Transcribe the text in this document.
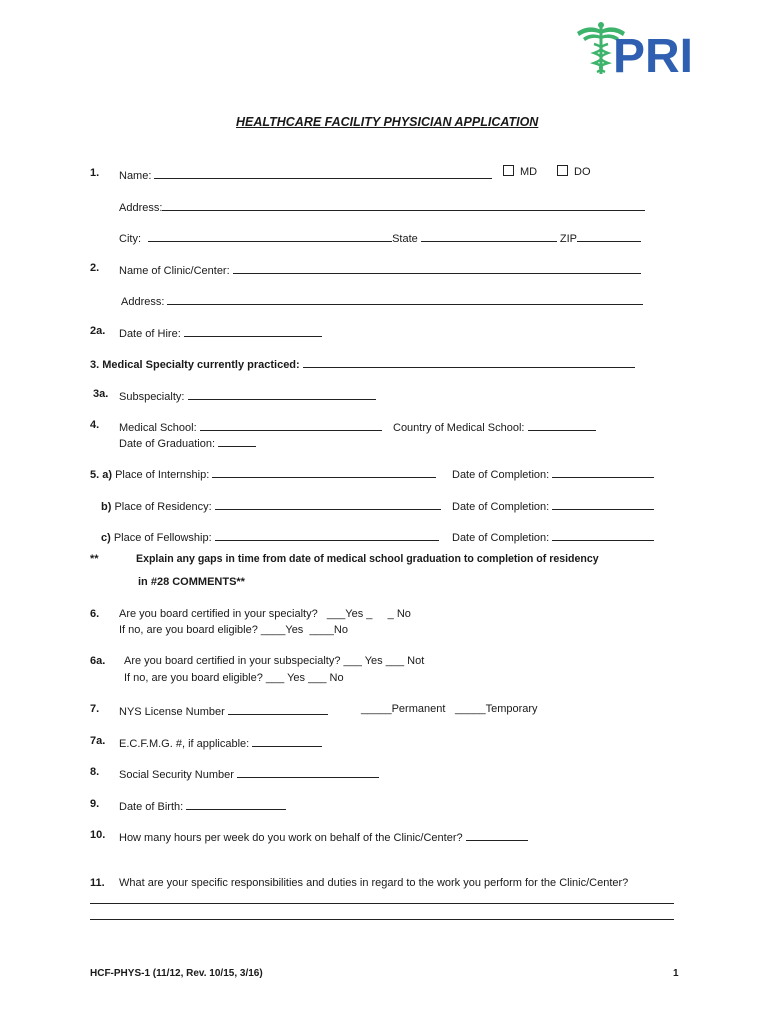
PRI
HEALTHCARE FACILITY PHYSICIAN APPLICATION
1. Name:	MD	DO
Address:
City:	State	ZIP
2. Name of Clinic/Center:
Address:
2a. Date of Hire:
3. Medical Specialty currently practiced:
3a. Subspecialty:
4. Medical School:	Country of Medical School:
Date of Graduation:
5. a) Place of Internship:	Date of Completion:
b) Place of Residency:	Date of Completion:
c) Place of Fellowship:	Date of Completion:
**	Explain any gaps in time from date of medical school graduation to completion of residency
in #28 COMMENTS**
6. Are you board certified in your specialty? ___Yes _ _ No
If no, are you board eligible? ____Yes ____No
6a. Are you board certified in your subspecialty? ___ Yes ___ Not
If no, are you board eligible? ___ Yes ___ No
7. NYS License Number	_____Permanent _____Temporary
7a. E.C.F.M.G. #, if applicable:
8. Social Security Number
9. Date of Birth:
10. How many hours per week do you work on behalf of the Clinic/Center?
11. What are your specific responsibilities and duties in regard to the work you perform for the Clinic/Center?
HCF-PHYS-1 (11/12, Rev. 10/15, 3/16)	1
